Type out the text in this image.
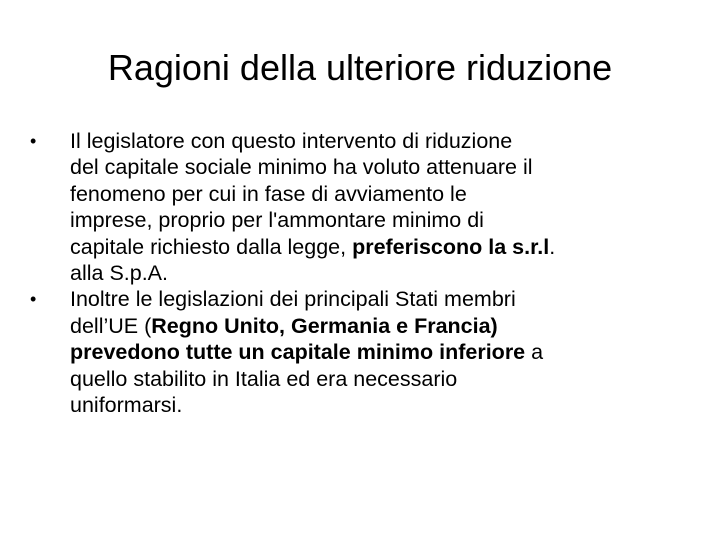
Ragioni della ulteriore riduzione
•	Il legislatore con questo intervento di riduzione
del capitale sociale minimo ha voluto attenuare il
fenomeno per cui in fase di avviamento le
imprese, proprio per l'ammontare minimo di
capitale richiesto dalla legge, preferiscono la s.r.l.
alla S.p.A.
•	Inoltre le legislazioni dei principali Stati membri
dell’UE (Regno Unito, Germania e Francia)
prevedono tutte un capitale minimo inferiore a
quello stabilito in Italia ed era necessario
uniformarsi.
